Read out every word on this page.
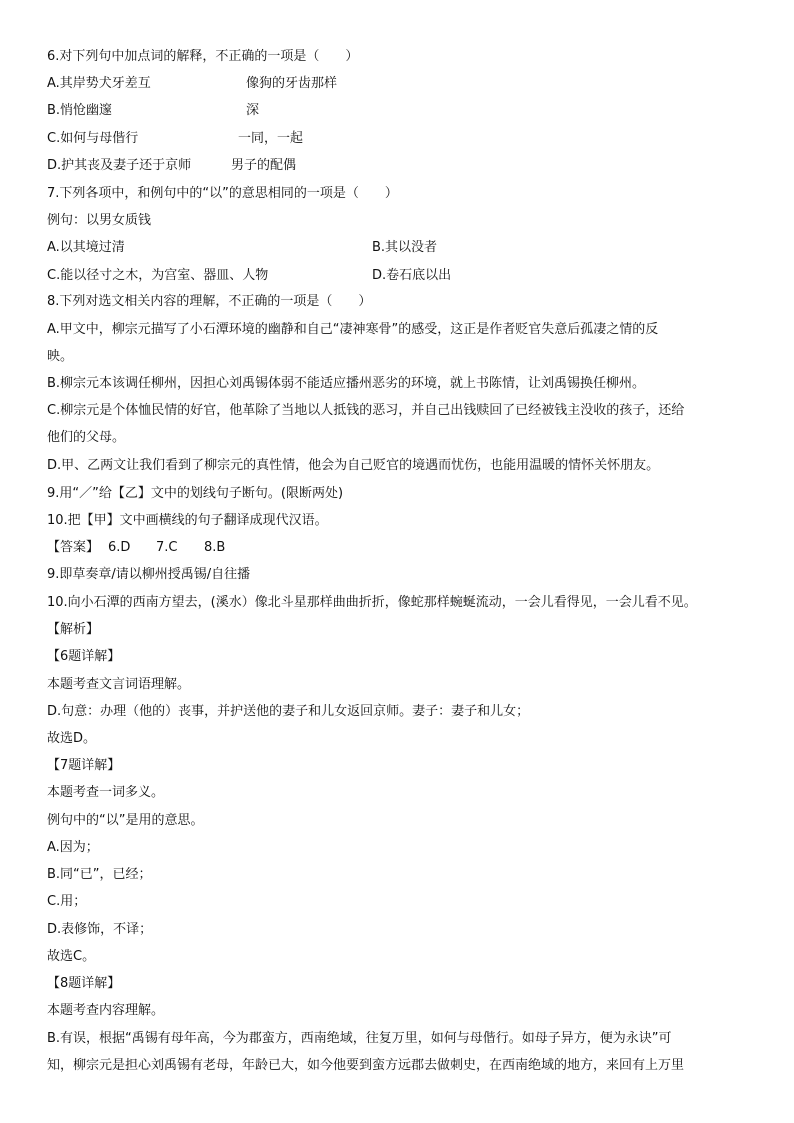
6.对下列句中加点词的解释，不正确的一项是（　　）

A.其岸势犬牙差互	像狗的牙齿那样

B.悄怆幽邃	深

C.如何与母偕行	一同，一起

D.护其丧及妻子还于京师	男子的配偶

7.下列各项中，和例句中的“以”的意思相同的一项是（　　）

例句：以男女质钱

A.以其境过清	B.其以没者

C.能以径寸之木，为宫室、器皿、人物	D.卷石底以出

8.下列对选文相关内容的理解，不正确的一项是（　　）

A.甲文中，柳宗元描写了小石潭环境的幽静和自己“凄神寒骨”的感受，这正是作者贬官失意后孤凄之情的反

映。

B.柳宗元本该调任柳州，因担心刘禹锡体弱不能适应播州恶劣的环境，就上书陈情，让刘禹锡换任柳州。

C.柳宗元是个体恤民情的好官，他革除了当地以人抵钱的恶习，并自己出钱赎回了已经被钱主没收的孩子，还给

他们的父母。

D.甲、乙两文让我们看到了柳宗元的真性情，他会为自己贬官的境遇而忧伤，也能用温暖的情怀关怀朋友。

9.用“／”给【乙】文中的划线句子断句。(限断两处)

10.把【甲】文中画横线的句子翻译成现代汉语。

【答案】 6.D 7.C 8.B

9.即草奏章/请以柳州授禹锡/自往播

10.向小石潭的西南方望去，(溪水）像北斗星那样曲曲折折，像蛇那样蜿蜒流动，一会儿看得见，一会儿看不见。

【解析】

【6题详解】

本题考查文言词语理解。

D.句意：办理（他的）丧事，并护送他的妻子和儿女返回京师。妻子：妻子和儿女；

故选D。

【7题详解】

本题考查一词多义。

例句中的“以”是用的意思。

A.因为；

B.同“已”，已经；

C.用；

D.表修饰，不译；

故选C。

【8题详解】

本题考查内容理解。

B.有误，根据“禹锡有母年高，今为郡蛮方，西南绝域，往复万里，如何与母偕行。如母子异方，便为永诀”可

知，柳宗元是担心刘禹锡有老母，年龄已大，如今他要到蛮方远郡去做刺史，在西南绝域的地方，来回有上万里
